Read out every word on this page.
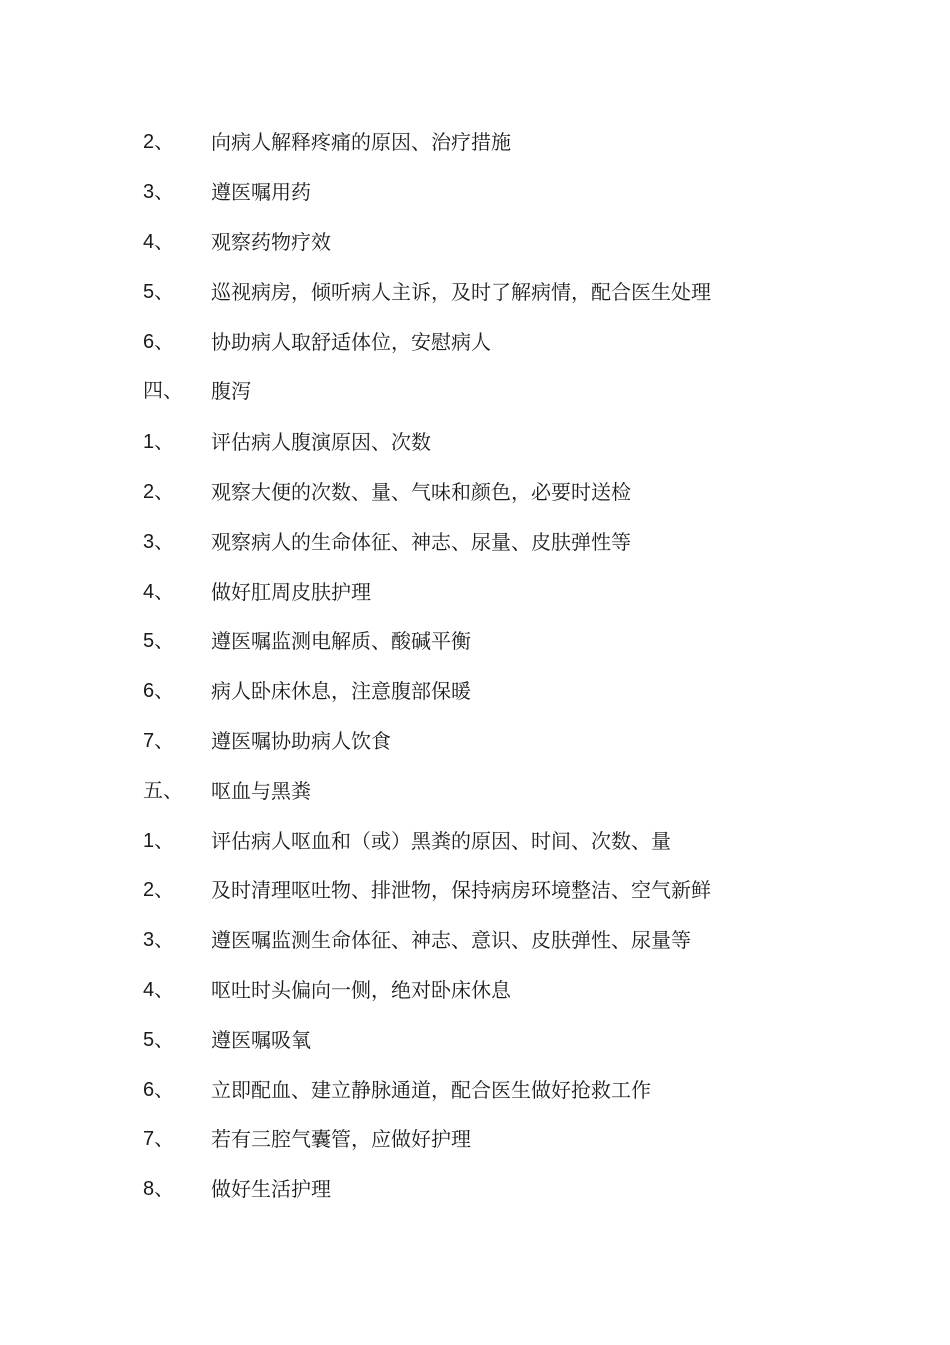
2、	向病人解释疼痛的原因、治疗措施
3、	遵医嘱用药
4、	观察药物疗效
5、	巡视病房，倾听病人主诉，及时了解病情，配合医生处理
6、	协助病人取舒适体位，安慰病人
四、	腹泻
1、	评估病人腹演原因、次数
2、	观察大便的次数、量、气味和颜色，必要时送检
3、	观察病人的生命体征、神志、尿量、皮肤弹性等
4、	做好肛周皮肤护理
5、	遵医嘱监测电解质、酸碱平衡
6、	病人卧床休息，注意腹部保暖
7、	遵医嘱协助病人饮食
五、	呕血与黑粪
1、	评估病人呕血和（或）黑粪的原因、时间、次数、量
2、	及时清理呕吐物、排泄物，保持病房环境整洁、空气新鲜
3、	遵医嘱监测生命体征、神志、意识、皮肤弹性、尿量等
4、	呕吐时头偏向一侧，绝对卧床休息
5、	遵医嘱吸氧
6、	立即配血、建立静脉通道，配合医生做好抢救工作
7、	若有三腔气囊管，应做好护理
8、	做好生活护理
